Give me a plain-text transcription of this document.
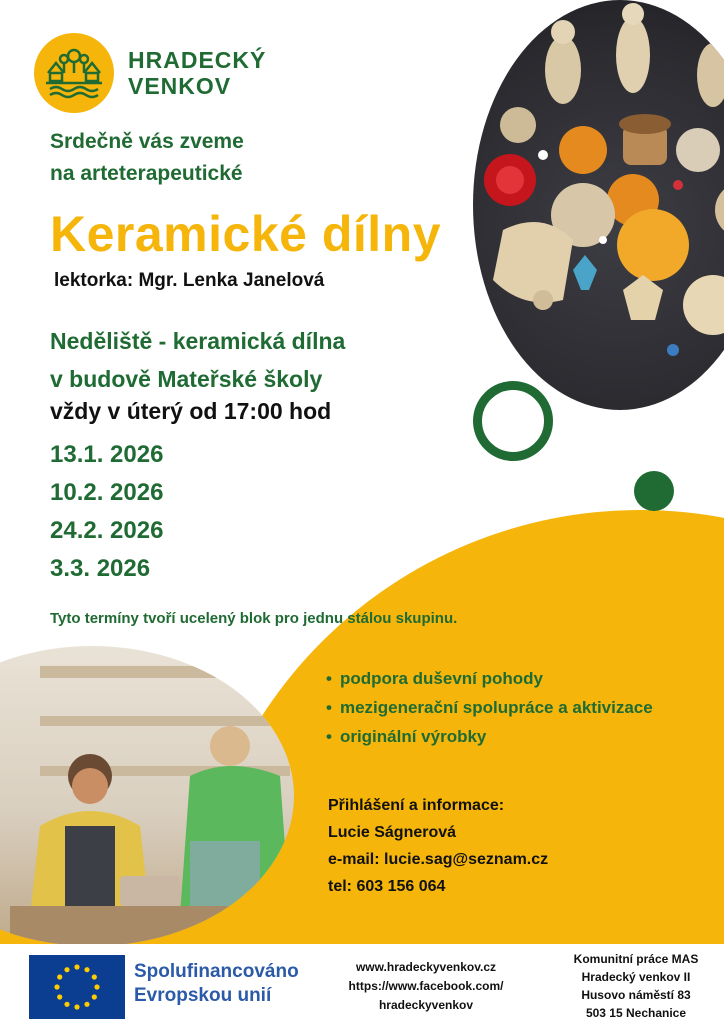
HRADECKÝ
VENKOV
Srdečně vás zveme
na arteterapeutické
Keramické dílny
lektorka: Mgr. Lenka Janelová
Neděliště - keramická dílna
v budově Mateřské školy
vždy v úterý od 17:00 hod
13.1. 2026
10.2. 2026
24.2. 2026
3.3. 2026
Tyto termíny tvoří ucelený blok pro jednu stálou skupinu.
• podpora duševní pohody
• mezigenerační spolupráce a aktivizace
• originální výrobky
Přihlášení a informace:
Lucie Ságnerová
e-mail: lucie.sag@seznam.cz
tel: 603 156 064
Spolufinancováno
Evropskou unií
www.hradeckyvenkov.cz
https://www.facebook.com/
hradeckyvenkov
Komunitní práce MAS
Hradecký venkov II
Husovo náměstí 83
503 15 Nechanice
